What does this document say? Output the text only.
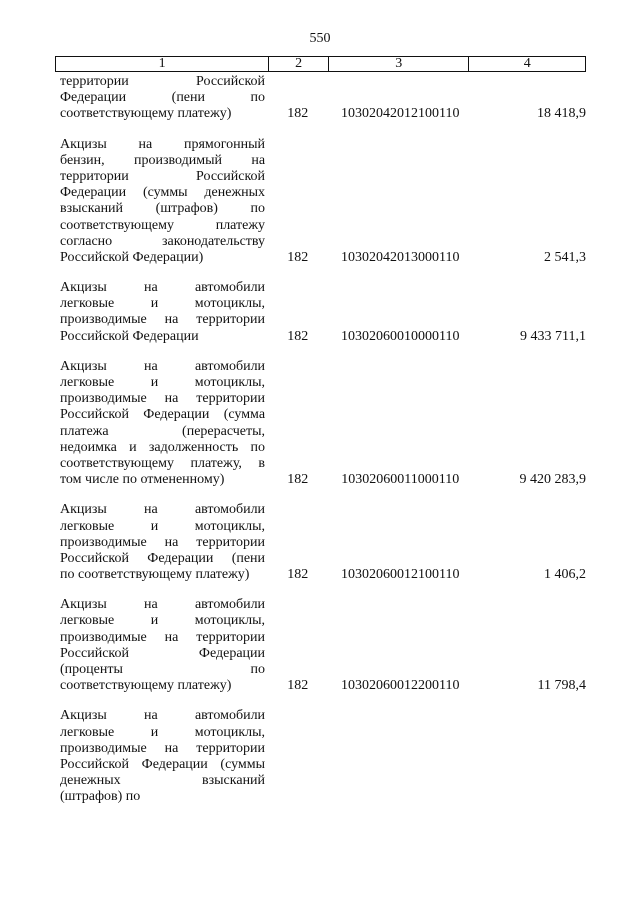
550
1	2	3	4
территории Российской
Федерации (пени по
соответствующему платежу)	182	10302042012100110	18 418,9
Акцизы на прямогонный
бензин, производимый на
территории Российской
Федерации (суммы денежных
взысканий (штрафов) по
соответствующему платежу
согласно законодательству
Российской Федерации)	182	10302042013000110	2 541,3
Акцизы на автомобили
легковые и мотоциклы,
производимые на территории
Российской Федерации	182	10302060010000110	9 433 711,1
Акцизы на автомобили
легковые и мотоциклы,
производимые на территории
Российской Федерации (сумма
платежа (перерасчеты,
недоимка и задолженность по
соответствующему платежу, в
том числе по отмененному)	182	10302060011000110	9 420 283,9
Акцизы на автомобили
легковые и мотоциклы,
производимые на территории
Российской Федерации (пени
по соответствующему платежу)	182	10302060012100110	1 406,2
Акцизы на автомобили
легковые и мотоциклы,
производимые на территории
Российской Федерации
(проценты по
соответствующему платежу)	182	10302060012200110	11 798,4
Акцизы на автомобили
легковые и мотоциклы,
производимые на территории
Российской Федерации (суммы
денежных взысканий
(штрафов) по
